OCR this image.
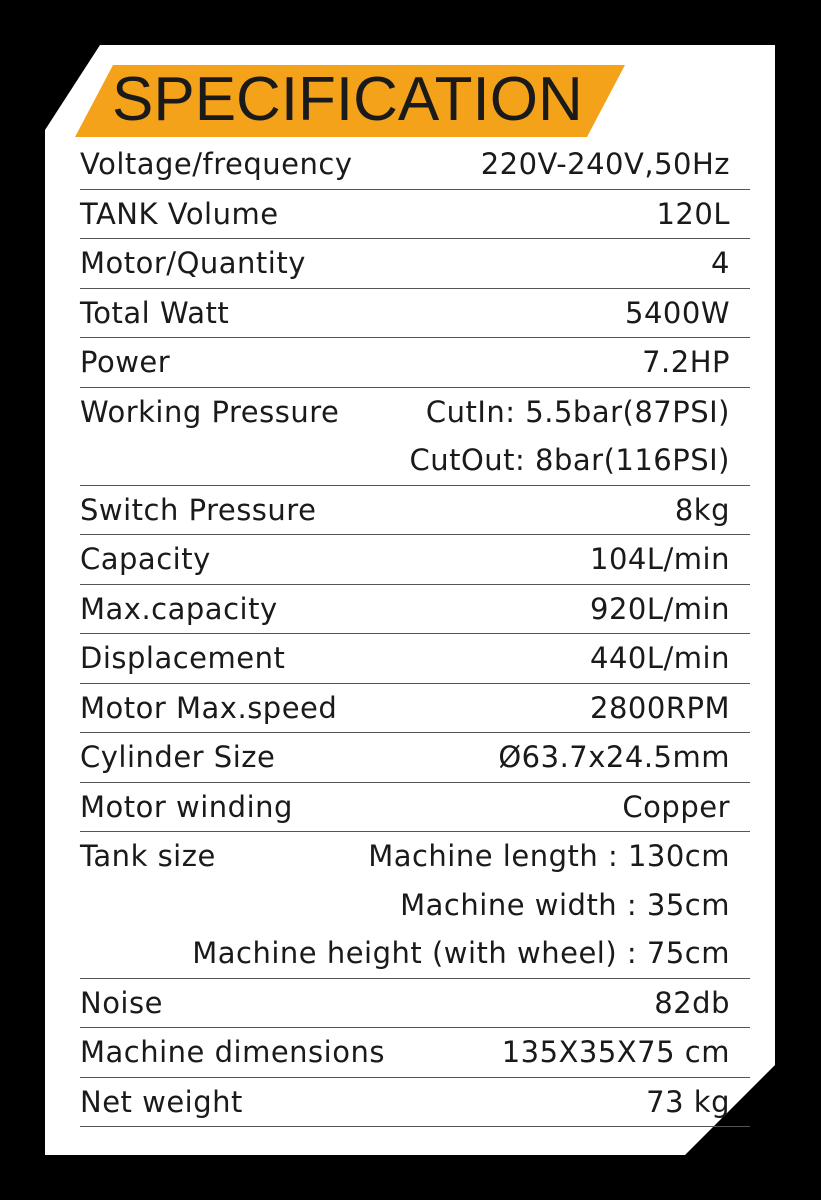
SPECIFICATION
Voltage/frequency	220V-240V,50Hz
TANK Volume	120L
Motor/Quantity	4
Total Watt	5400W
Power	7.2HP
Working Pressure	CutIn: 5.5bar(87PSI)
CutOut: 8bar(116PSI)
Switch Pressure	8kg
Capacity	104L/min
Max.capacity	920L/min
Displacement	440L/min
Motor Max.speed	2800RPM
Cylinder Size	Ø63.7x24.5mm
Motor winding	Copper
Tank size	Machine length : 130cm
Machine width : 35cm
Machine height (with wheel) : 75cm
Noise	82db
Machine dimensions	135X35X75 cm
Net weight	73 kg
